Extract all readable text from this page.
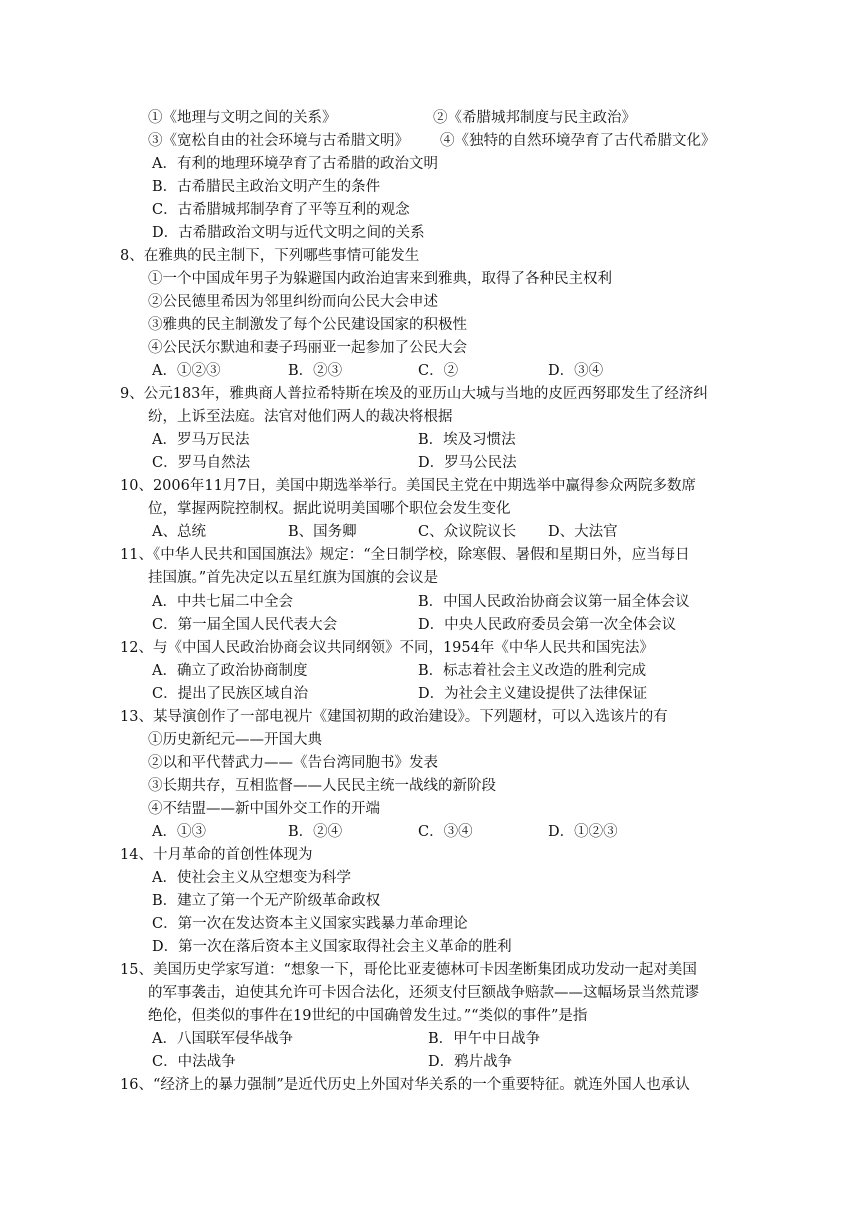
①《地理与文明之间的关系》	②《希腊城邦制度与民主政治》
③《宽松自由的社会环境与古希腊文明》 ④《独特的自然环境孕育了古代希腊文化》
A．有利的地理环境孕育了古希腊的政治文明
B．古希腊民主政治文明产生的条件
C．古希腊城邦制孕育了平等互利的观念
D．古希腊政治文明与近代文明之间的关系
8、在雅典的民主制下，下列哪些事情可能发生
①一个中国成年男子为躲避国内政治迫害来到雅典，取得了各种民主权利
②公民德里希因为邻里纠纷而向公民大会申述
③雅典的民主制激发了每个公民建设国家的积极性
④公民沃尔默迪和妻子玛丽亚一起参加了公民大会
A．①②③	B．②③	C．②	D．③④
9、公元183年，雅典商人普拉希特斯在埃及的亚历山大城与当地的皮匠西努耶发生了经济纠
纷，上诉至法庭。法官对他们两人的裁决将根据
A．罗马万民法	B．埃及习惯法
C．罗马自然法	D．罗马公民法
10、2006年11月7日，美国中期选举举行。美国民主党在中期选举中赢得参众两院多数席
位，掌握两院控制权。据此说明美国哪个职位会发生变化
A、总统	B、国务卿	C、众议院议长 D、大法官
11、《中华人民共和国国旗法》规定：“全日制学校，除寒假、暑假和星期日外，应当每日
挂国旗。”首先决定以五星红旗为国旗的会议是
A．中共七届二中全会	B．中国人民政治协商会议第一届全体会议
C．第一届全国人民代表大会	D．中央人民政府委员会第一次全体会议
12、与《中国人民政治协商会议共同纲领》不同，1954年《中华人民共和国宪法》
A．确立了政治协商制度	B．标志着社会主义改造的胜利完成
C．提出了民族区域自治	D．为社会主义建设提供了法律保证
13、某导演创作了一部电视片《建国初期的政治建设》。下列题材，可以入选该片的有
①历史新纪元——开国大典
②以和平代替武力——《告台湾同胞书》发表
③长期共存，互相监督——人民民主统一战线的新阶段
④不结盟——新中国外交工作的开端
A．①③	B．②④	C．③④	D．①②③
14、十月革命的首创性体现为
A．使社会主义从空想变为科学
B．建立了第一个无产阶级革命政权
C．第一次在发达资本主义国家实践暴力革命理论
D．第一次在落后资本主义国家取得社会主义革命的胜利
15、美国历史学家写道：“想象一下，哥伦比亚麦德林可卡因垄断集团成功发动一起对美国
的军事袭击，迫使其允许可卡因合法化，还须支付巨额战争赔款——这幅场景当然荒谬
绝伦，但类似的事件在19世纪的中国确曾发生过。”“类似的事件”是指
A．八国联军侵华战争	B．甲午中日战争
C．中法战争	D．鸦片战争
16、“经济上的暴力强制”是近代历史上外国对华关系的一个重要特征。就连外国人也承认
